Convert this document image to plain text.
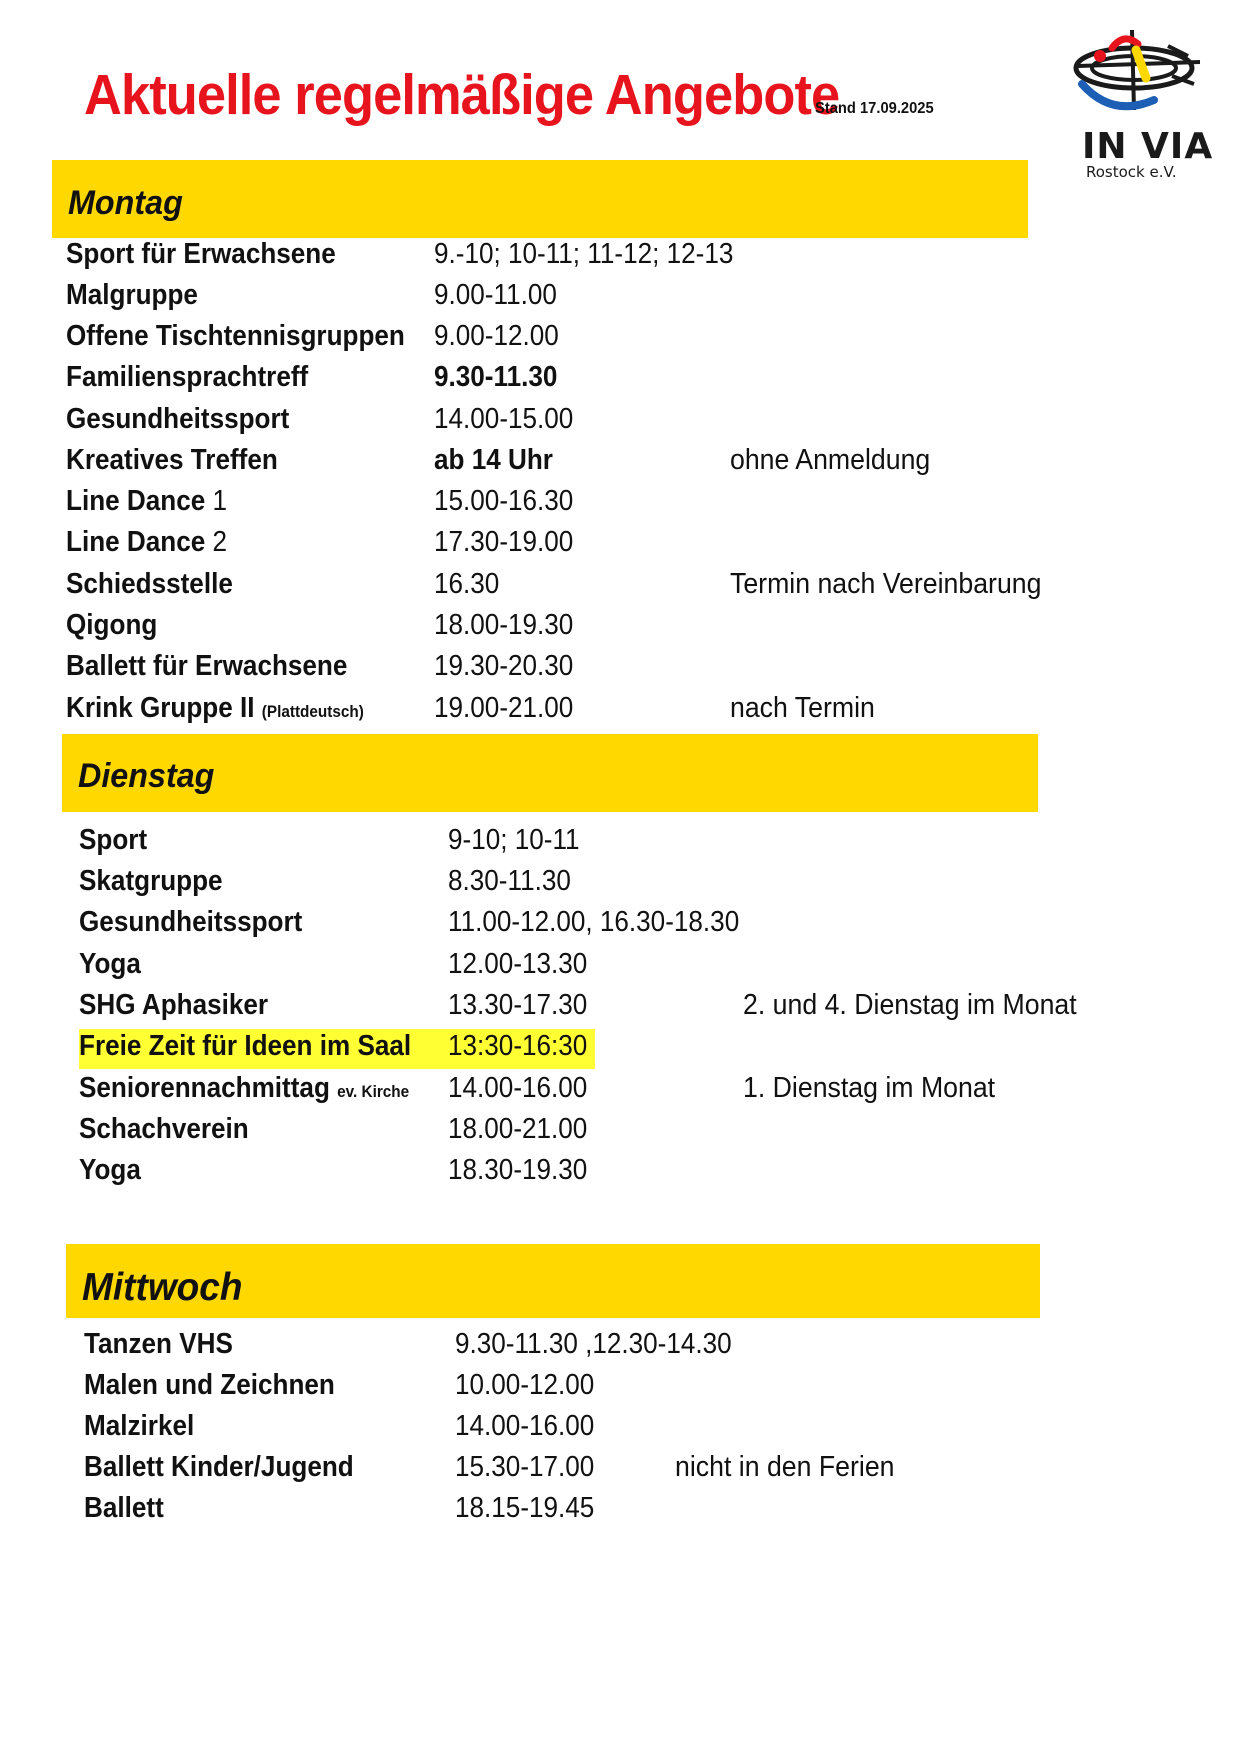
Aktuelle regelmäßige Angebote
Stand 17.09.2025
IN VIA
Rostock e.V.
Montag
Sport für Erwachsene	9.-10; 10-11; 11-12; 12-13
Malgruppe	9.00-11.00
Offene Tischtennisgruppen 9.00-12.00
Familiensprachtreff	9.30-11.30
Gesundheitssport	14.00-15.00
Kreatives Treffen	ab 14 Uhr	ohne Anmeldung
Line Dance 1	15.00-16.30
Line Dance 2	17.30-19.00
Schiedsstelle	16.30	Termin nach Vereinbarung
Qigong	18.00-19.30
Ballett für Erwachsene	19.30-20.30
Krink Gruppe II (Plattdeutsch) 19.00-21.00	nach Termin
Dienstag
Sport	9-10; 10-11
Skatgruppe	8.30-11.30
Gesundheitssport	11.00-12.00, 16.30-18.30
Yoga	12.00-13.30
SHG Aphasiker	13.30-17.30	2. und 4. Dienstag im Monat
Freie Zeit für Ideen im Saal 13:30-16:30
Seniorennachmittag ev. Kirche 14.00-16.00	1. Dienstag im Monat
Schachverein	18.00-21.00
Yoga	18.30-19.30
Mittwoch
Tanzen VHS	9.30-11.30 ,12.30-14.30
Malen und Zeichnen	10.00-12.00
Malzirkel	14.00-16.00
Ballett Kinder/Jugend	15.30-17.00	nicht in den Ferien
Ballett	18.15-19.45
